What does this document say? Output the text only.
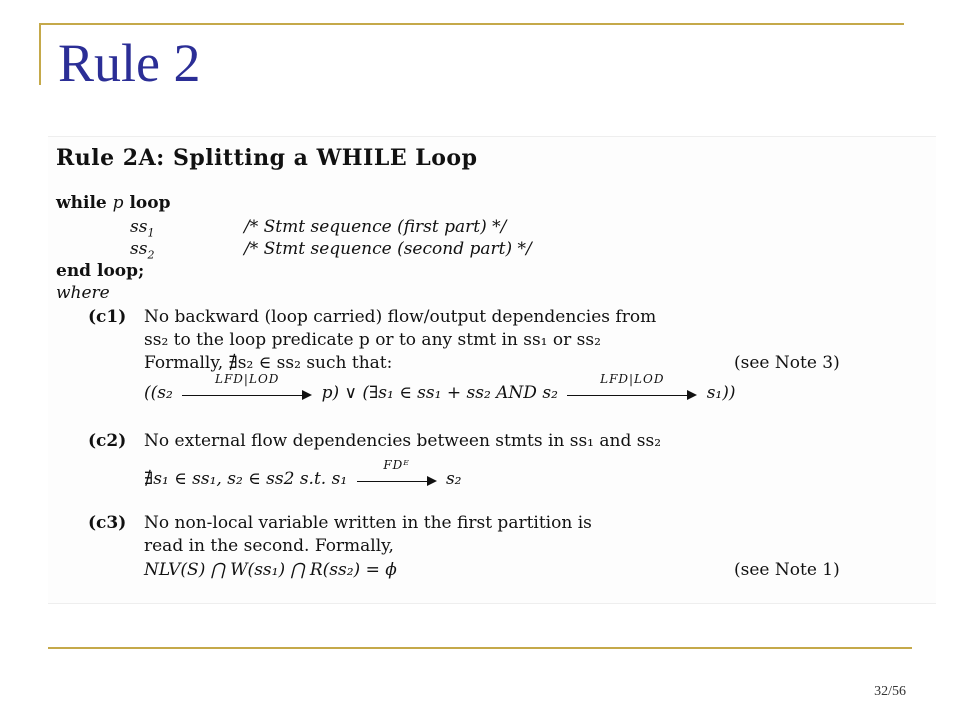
Rule 2
Rule 2A: Splitting a WHILE Loop
while p loop
$ss_1$	/* Stmt sequence (first part) */
$ss_2$	/* Stmt sequence (second part) */
end loop;
where
(c1) No backward (loop carried) flow/output dependencies from
ss₂ to the loop predicate p or to any stmt in ss₁ or ss₂
Formally, ∄s₂ ∈ ss₂ such that:	(see Note 3)
((s₂
LFD|LOD
p) ∨ (∃s₁ ∈ ss₁ + ss₂ AND s₂
LFD|LOD
s₁))
(c2) No external flow dependencies between stmts in ss₁ and ss₂
∄s₁ ∈ ss₁, s₂ ∈ ss2 s.t. s₁
FDᴱ
s₂
(c3) No non-local variable written in the first partition is
read in the second. Formally,
NLV(S) ⋂ W(ss₁) ⋂ R(ss₂) = ϕ	(see Note 1)
32/56
